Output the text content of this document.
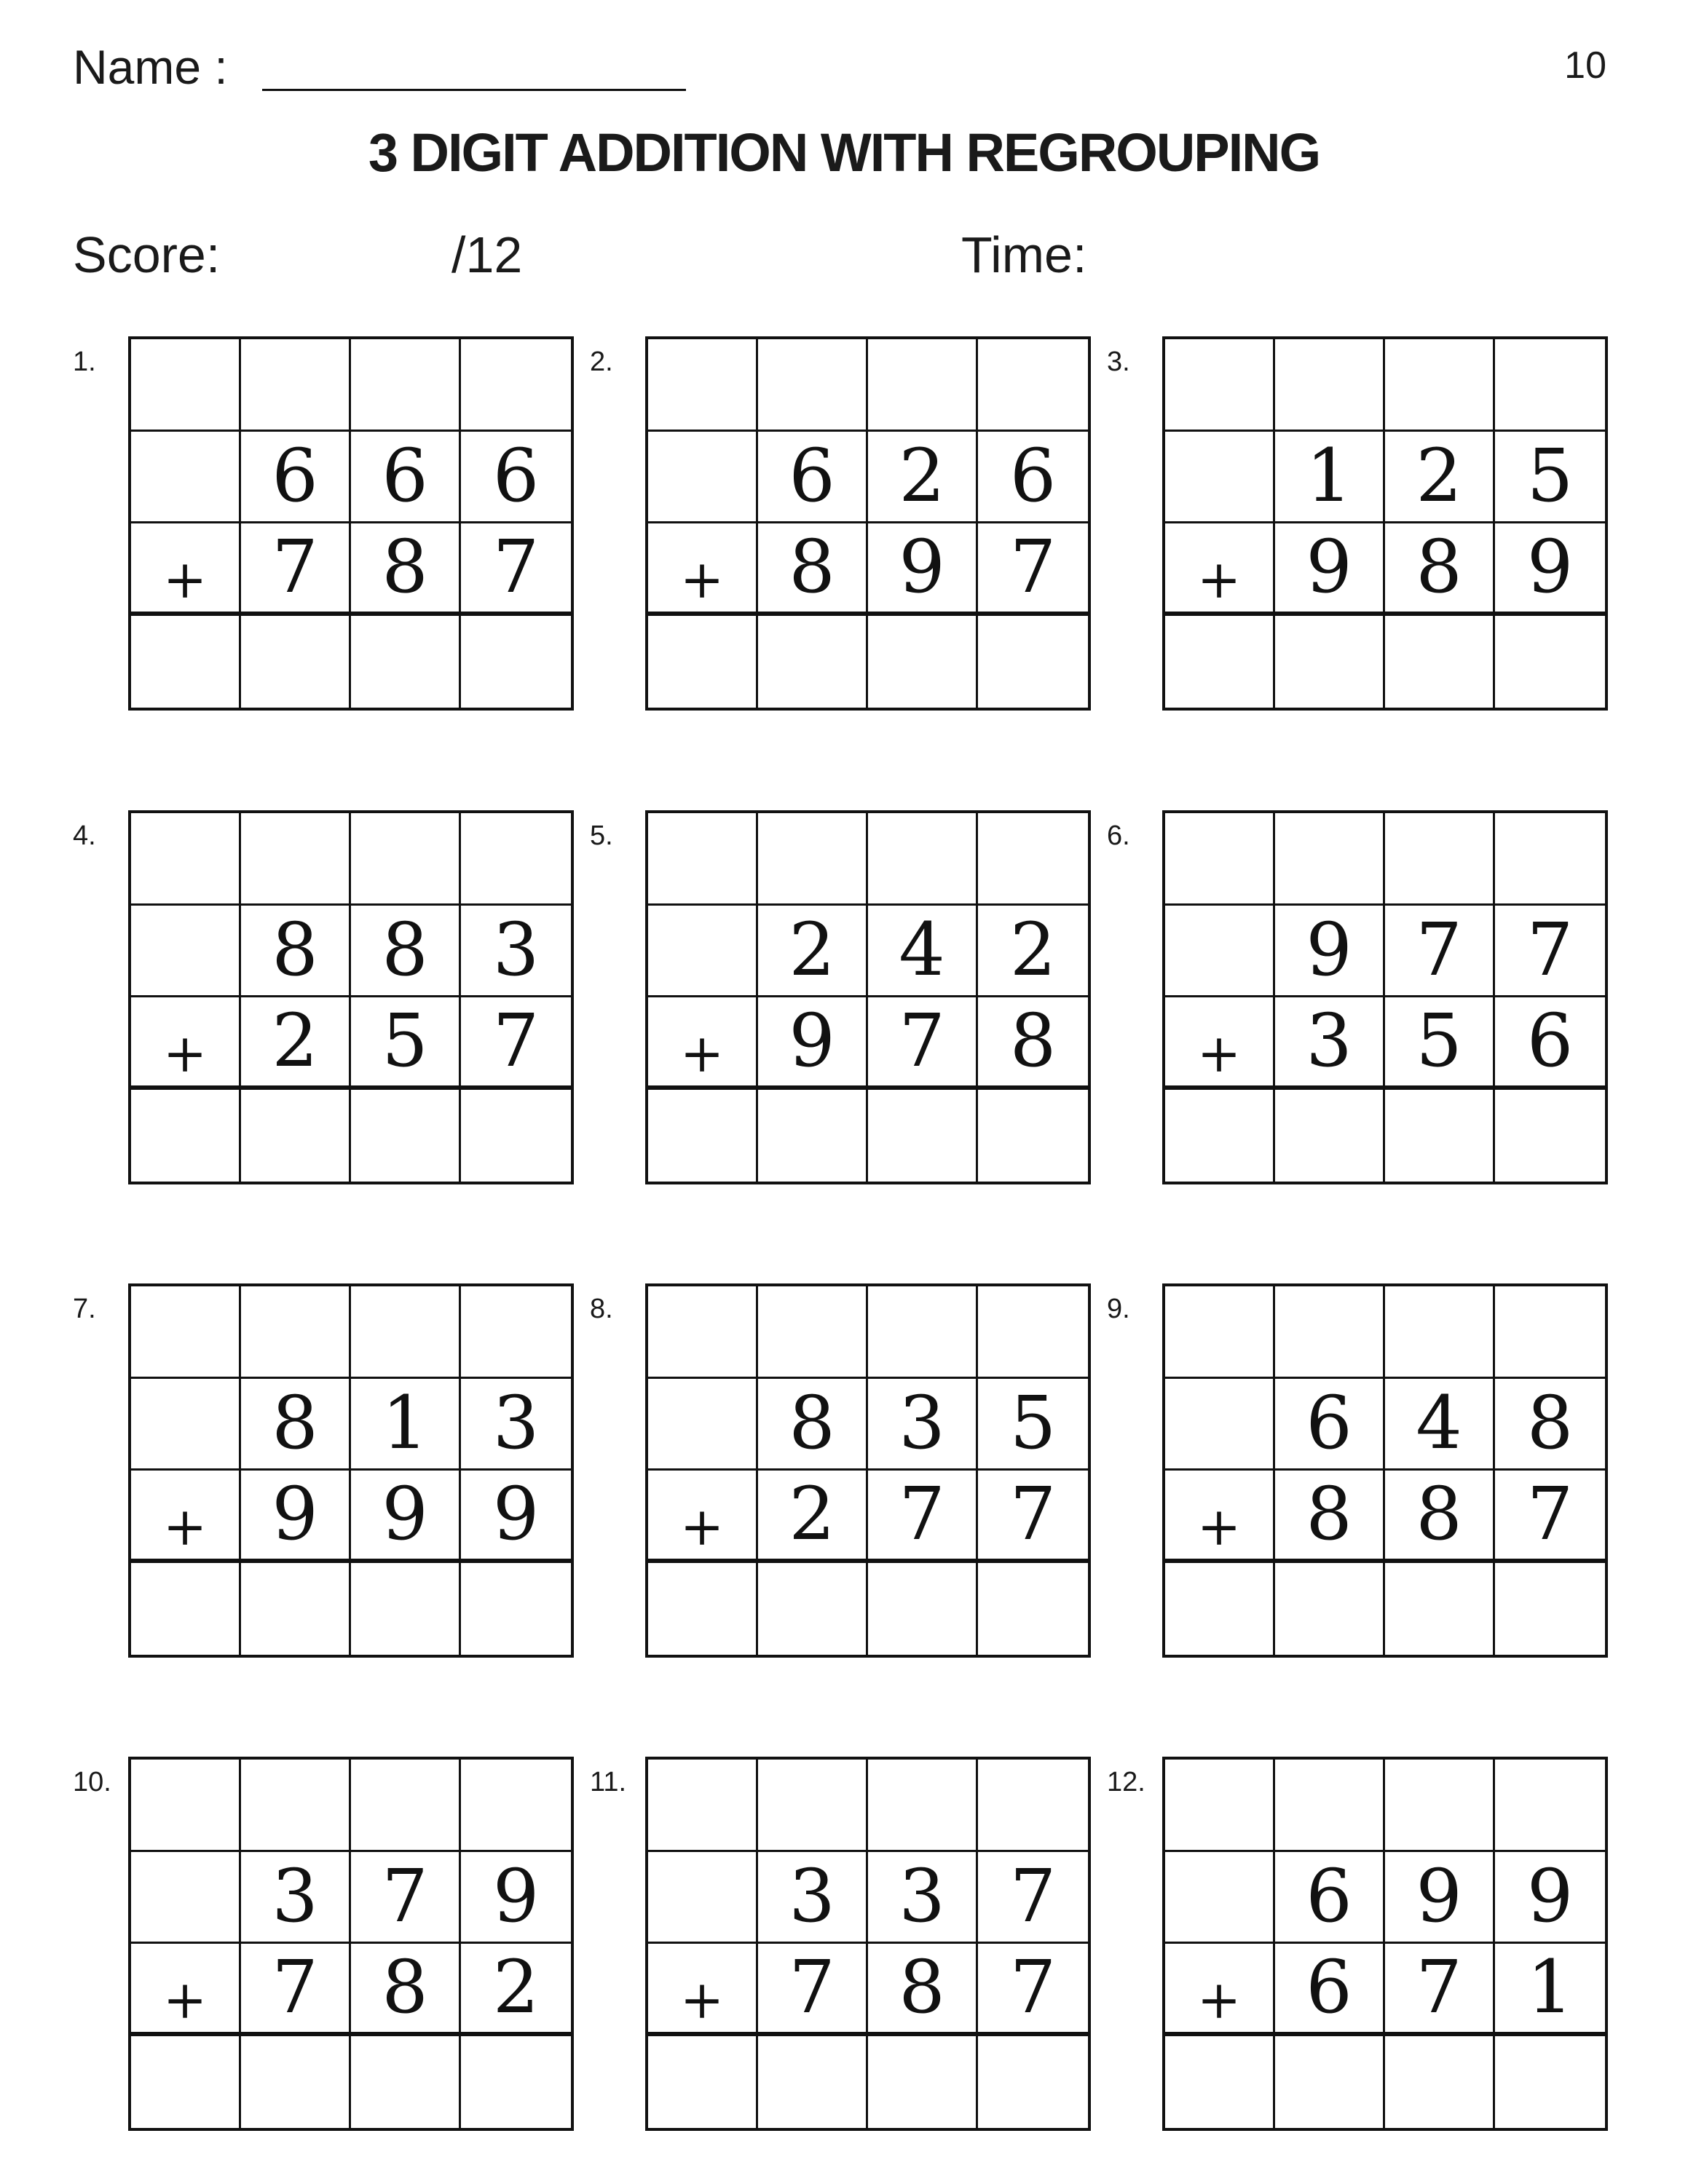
Name :	10
3 DIGIT ADDITION WITH REGROUPING
Score:	/12	Time:
1.
6 6 6
+ 7 8 7
2.
6 2 6
+ 8 9 7
3.
1 2 5
+ 9 8 9
4.
8 8 3
+ 2 5 7
5.
2 4 2
+ 9 7 8
6.
9 7 7
+ 3 5 6
7.
8 1 3
+ 9 9 9
8.
8 3 5
+ 2 7 7
9.
6 4 8
+ 8 8 7
10.
3 7 9
+ 7 8 2
11.
3 3 7
+ 7 8 7
12.
6 9 9
+ 6 7 1
